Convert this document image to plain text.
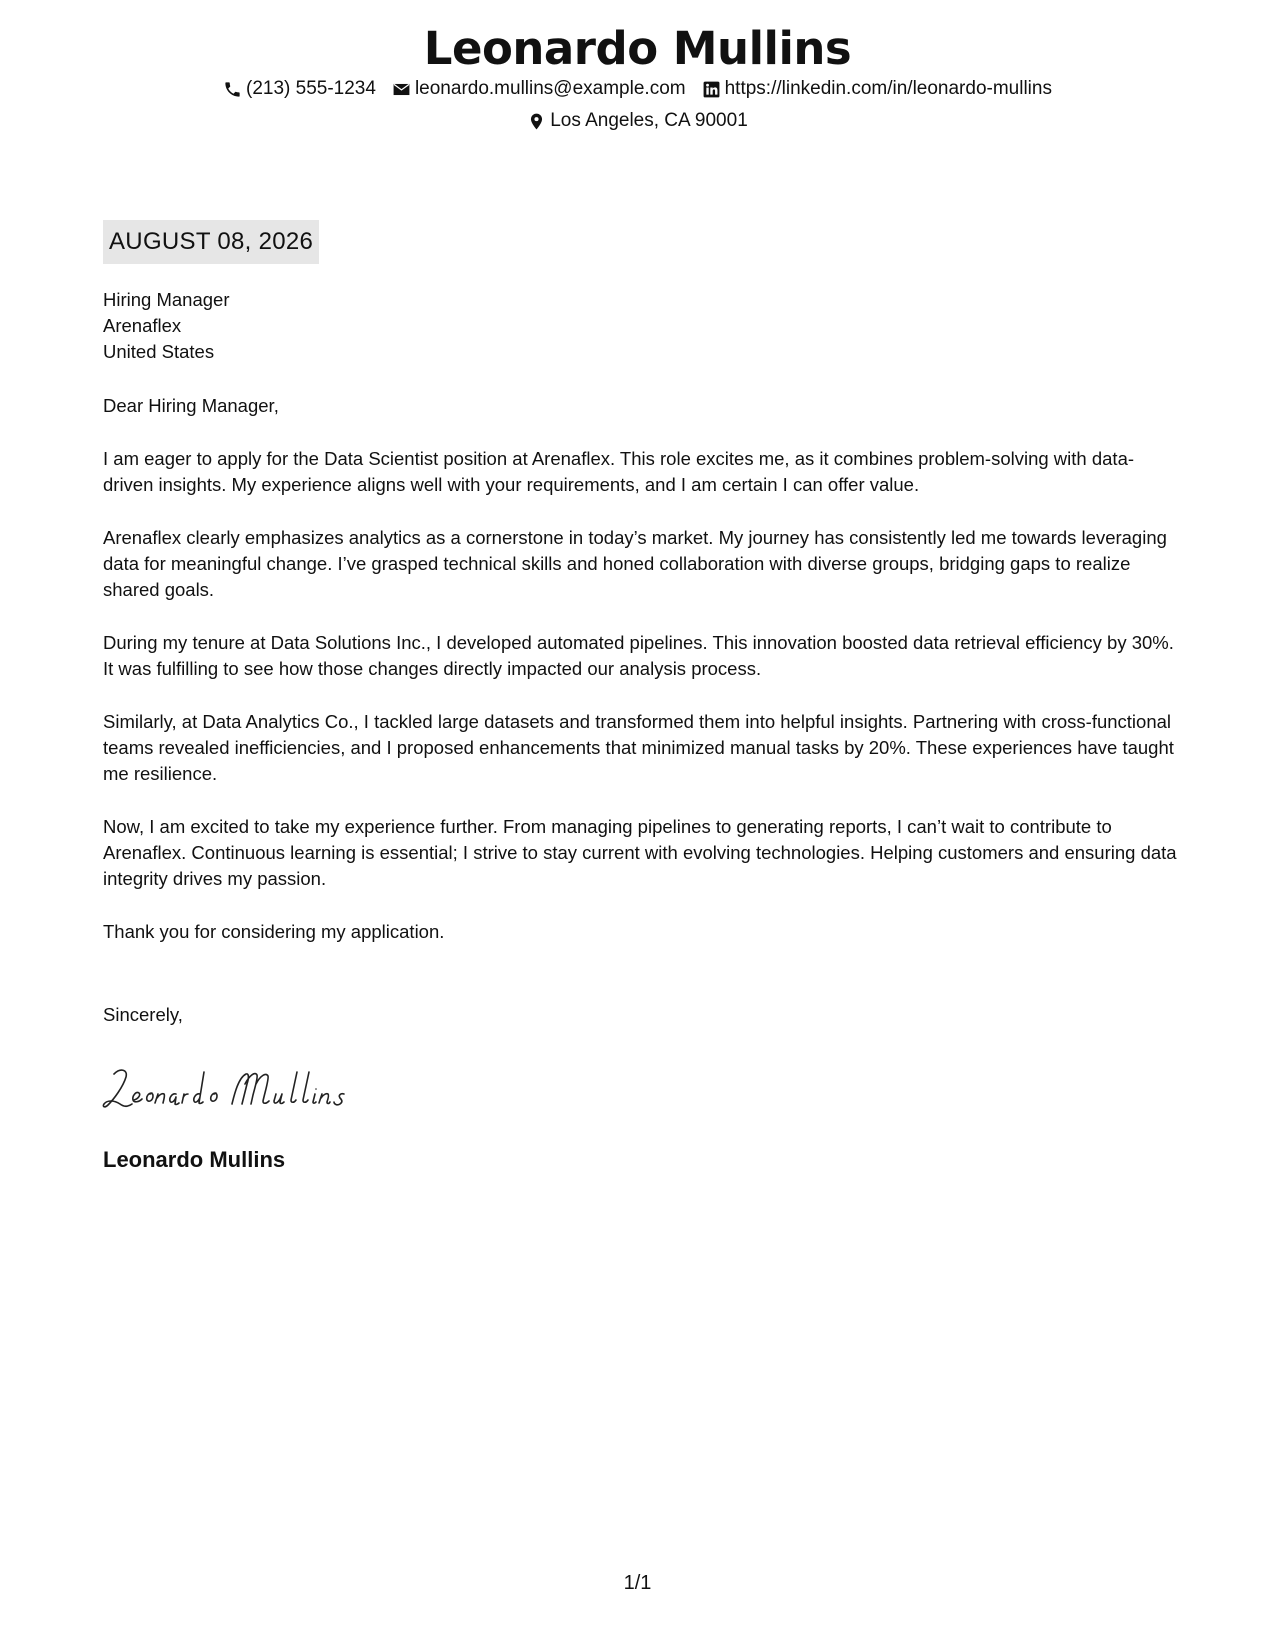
Leonardo Mullins
(213) 555-1234 leonardo.mullins@example.com https://linkedin.com/in/leonardo-mullins
Los Angeles, CA 90001
AUGUST 08, 2026
Hiring Manager
Arenaflex
United States

Dear Hiring Manager,

I am eager to apply for the Data Scientist position at Arenaflex. This role excites me, as it combines problem-solving with data-driven insights. My experience aligns well with your requirements, and I am certain I can offer value.

Arenaflex clearly emphasizes analytics as a cornerstone in today’s market. My journey has consistently led me towards leveraging data for meaningful change. I’ve grasped technical skills and honed collaboration with diverse groups, bridging gaps to realize shared goals.

During my tenure at Data Solutions Inc., I developed automated pipelines. This innovation boosted data retrieval efficiency by 30%. It was fulfilling to see how those changes directly impacted our analysis process.

Similarly, at Data Analytics Co., I tackled large datasets and transformed them into helpful insights. Partnering with cross-functional teams revealed inefficiencies, and I proposed enhancements that minimized manual tasks by 20%. These experiences have taught me resilience.

Now, I am excited to take my experience further. From managing pipelines to generating reports, I can’t wait to contribute to Arenaflex. Continuous learning is essential; I strive to stay current with evolving technologies. Helping customers and ensuring data integrity drives my passion.

Thank you for considering my application.

Sincerely,
Leonardo Mullins
Leonardo Mullins
1/1
